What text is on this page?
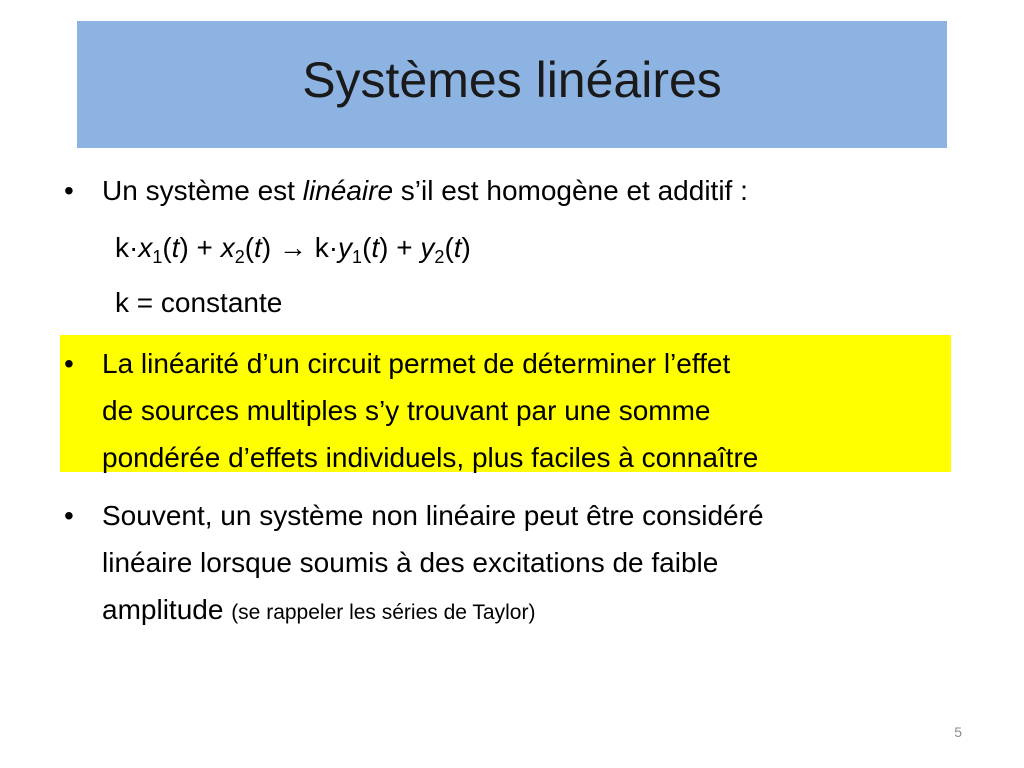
Systèmes linéaires
• Un système est linéaire s’il est homogène et additif :
$k\cdot x_1(t) + x_2(t) \to k\cdot y_1(t) + y_2(t)$
k = constante
• La linéarité d’un circuit permet de déterminer l’effet
de sources multiples s’y trouvant par une somme
pondérée d’effets individuels, plus faciles à connaître
• Souvent, un système non linéaire peut être considéré
linéaire lorsque soumis à des excitations de faible
amplitude (se rappeler les séries de Taylor)
5
